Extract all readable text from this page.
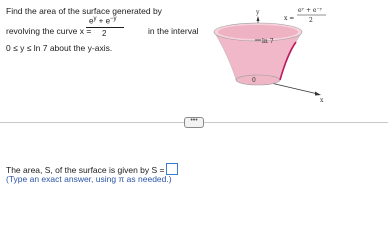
Find the area of the surface generated by
$e^y + e^{-y}$
2
revolving the curve x =	in the interval
0 ≤ y ≤ ln 7 about the y-axis.
y
x
ln 7
0
x =
eʸ + e⁻ʸ
2
•••
The area, S, of the surface is given by S =
(Type an exact answer, using π as needed.)
